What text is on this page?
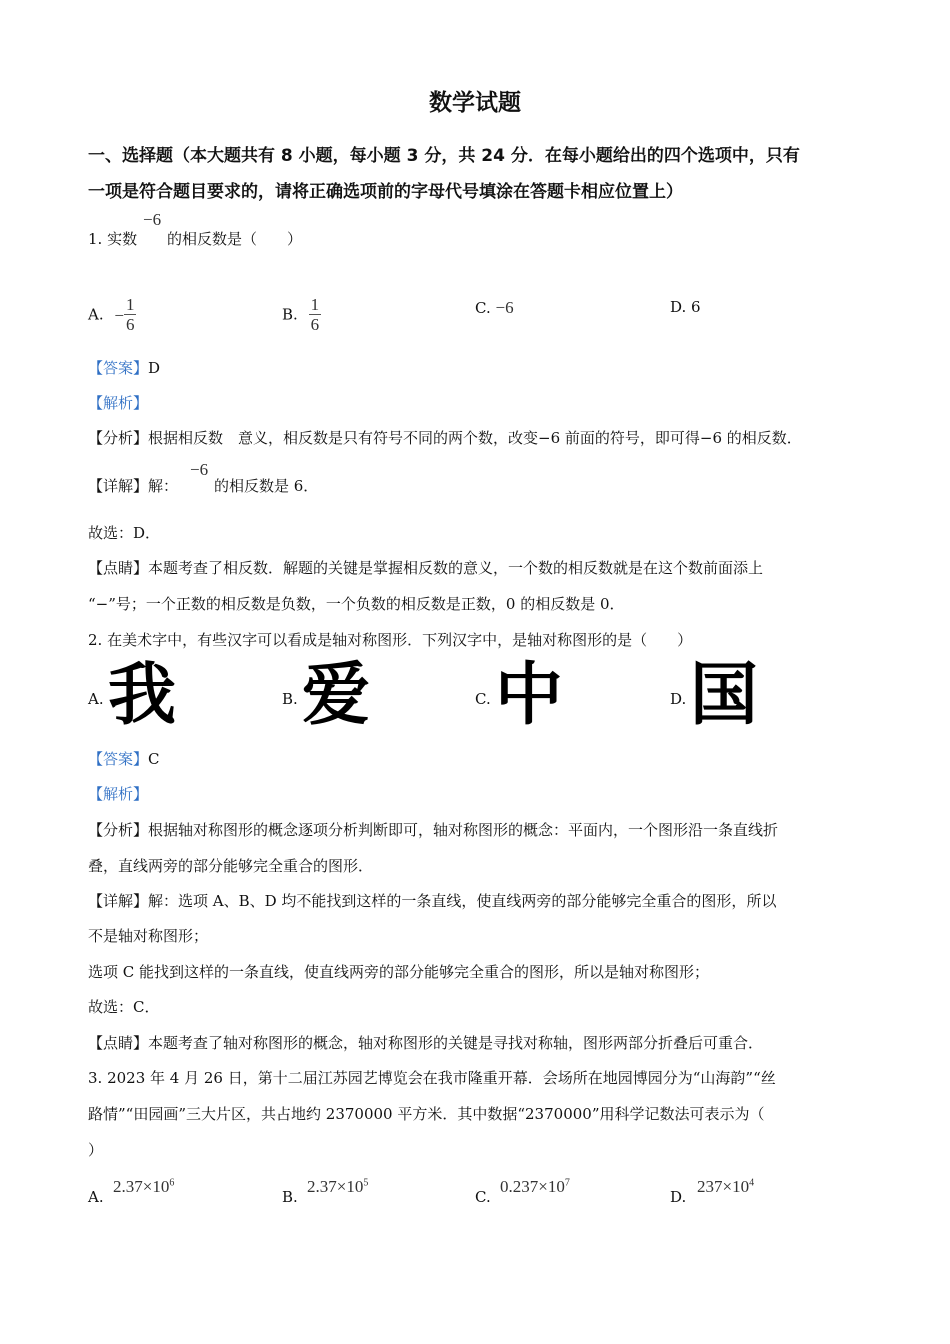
数学试题
一、选择题（本大题共有 8 小题，每小题 3 分，共 24 分．在每小题给出的四个选项中，只有
一项是符合题目要求的，请将正确选项前的字母代号填涂在答题卡相应位置上）
1. 实数
−6
的相反数是（　　）
A. − $\frac{1}{6}$	B. $\frac{1}{6}$	C. −6	D. 6
【答案】D
【解析】
【分析】根据相反数　意义，相反数是只有符号不同的两个数，改变−6 前面的符号，即可得−6 的相反数．
【详解】解：
−6
的相反数是 6．
故选：D．
【点睛】本题考查了相反数．解题的关键是掌握相反数的意义，一个数的相反数就是在这个数前面添上
“−”号；一个正数的相反数是负数，一个负数的相反数是正数，0 的相反数是 0．
2. 在美术字中，有些汉字可以看成是轴对称图形．下列汉字中，是轴对称图形的是（　　）
A. 我	B. 爱	C. 中	D. 国
【答案】C
【解析】
【分析】根据轴对称图形的概念逐项分析判断即可，轴对称图形的概念：平面内，一个图形沿一条直线折
叠，直线两旁的部分能够完全重合的图形．
【详解】解：选项 A、B、D 均不能找到这样的一条直线，使直线两旁的部分能够完全重合的图形，所以
不是轴对称图形；
选项 C 能找到这样的一条直线，使直线两旁的部分能够完全重合的图形，所以是轴对称图形；
故选：C．
【点睛】本题考查了轴对称图形的概念，轴对称图形的关键是寻找对称轴，图形两部分折叠后可重合．
3. 2023 年 4 月 26 日，第十二届江苏园艺博览会在我市隆重开幕．会场所在地园博园分为“山海韵”“丝
路情”“田园画”三大片区，共占地约 2370000 平方米．其中数据“2370000”用科学记数法可表示为（
）
A.
$2.37\times 10^6$
B.
$2.37\times 10^5$
C.
$0.237\times 10^7$
D.
$237\times 10^4$
